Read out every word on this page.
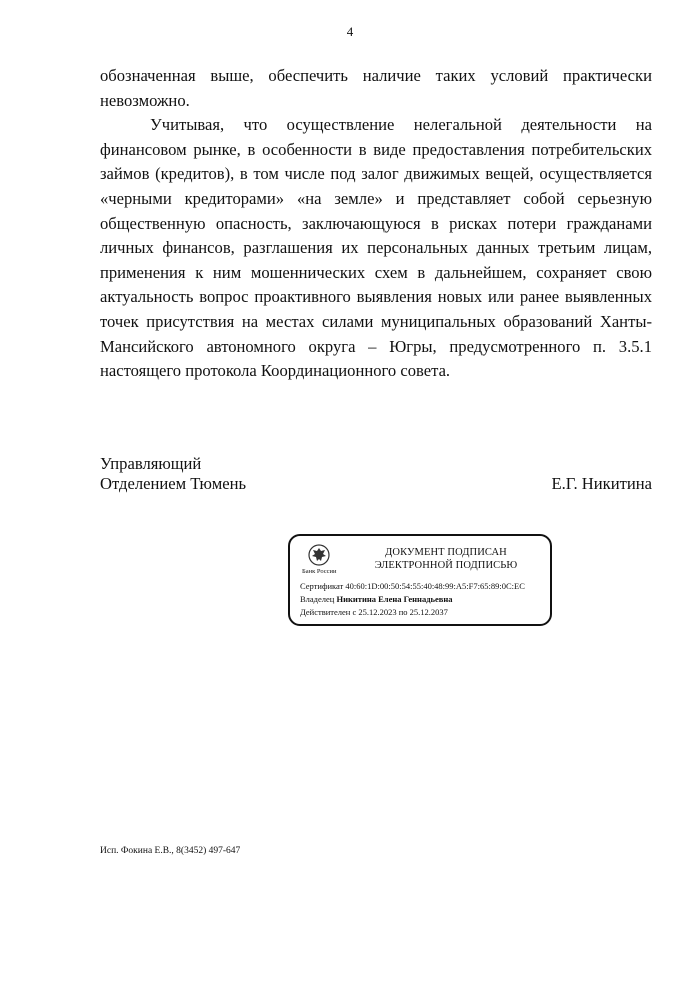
4

обозначенная выше, обеспечить наличие таких условий практически невозможно.

Учитывая, что осуществление нелегальной деятельности на финансовом рынке, в особенности в виде предоставления потребительских займов (кредитов), в том числе под залог движимых вещей, осуществляется «черными кредиторами» «на земле» и представляет собой серьезную общественную опасность, заключающуюся в рисках потери гражданами личных финансов, разглашения их персональных данных третьим лицам, применения к ним мошеннических схем в дальнейшем, сохраняет свою актуальность вопрос проактивного выявления новых или ранее выявленных точек присутствия на местах силами муниципальных образований Ханты-Мансийского автономного округа – Югры, предусмотренного п. 3.5.1 настоящего протокола Координационного совета.

Управляющий
Отделением Тюмень	Е.Г. Никитина
Банк России
ДОКУМЕНТ ПОДПИСАН
ЭЛЕКТРОННОЙ ПОДПИСЬЮ
Сертификат 40:60:1D:00:50:54:55:40:48:99:A5:F7:65:89:0C:EC
Владелец Никитина Елена Геннадьевна
Действителен с 25.12.2023 по 25.12.2037
Исп. Фокина Е.В., 8(3452) 497-647
